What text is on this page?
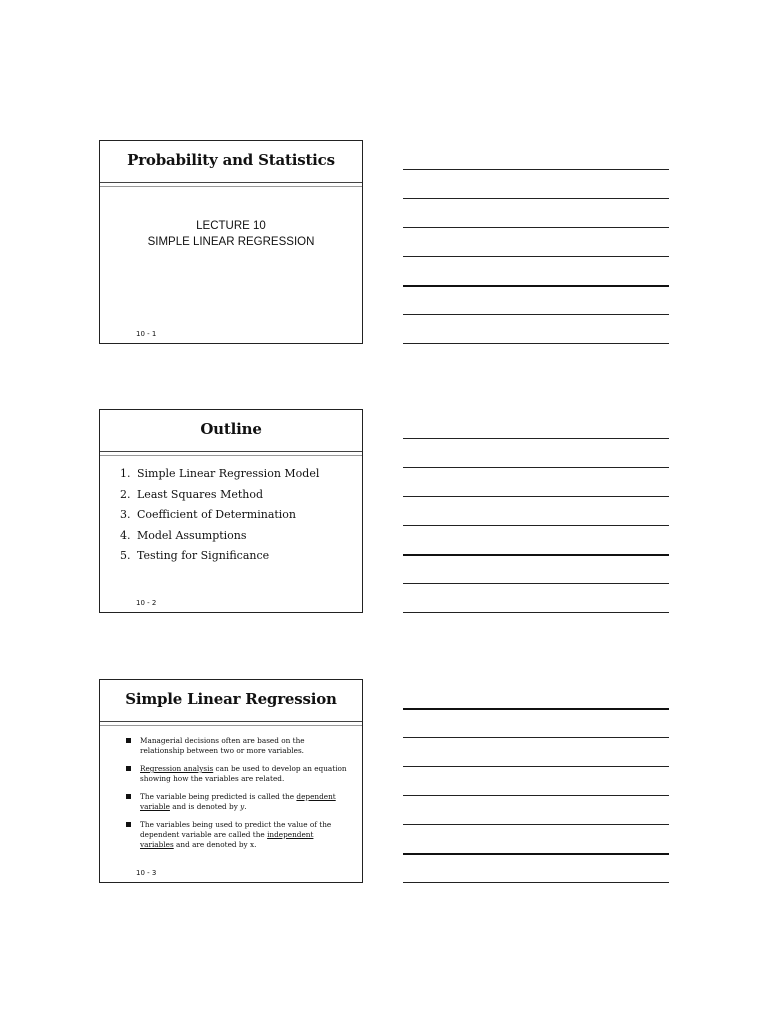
Probability and Statistics
LECTURE 10
SIMPLE LINEAR REGRESSION
10 - 1
Outline
1. Simple Linear Regression Model
2. Least Squares Method
3. Coefficient of Determination
4. Model Assumptions
5. Testing for Significance
10 - 2
Simple Linear Regression
Managerial decisions often are based on the relationship between two or more variables.
Regression analysis can be used to develop an equation showing how the variables are related.
The variable being predicted is called the dependent variable and is denoted by y.
The variables being used to predict the value of the dependent variable are called the independent variables and are denoted by x.
10 - 3
